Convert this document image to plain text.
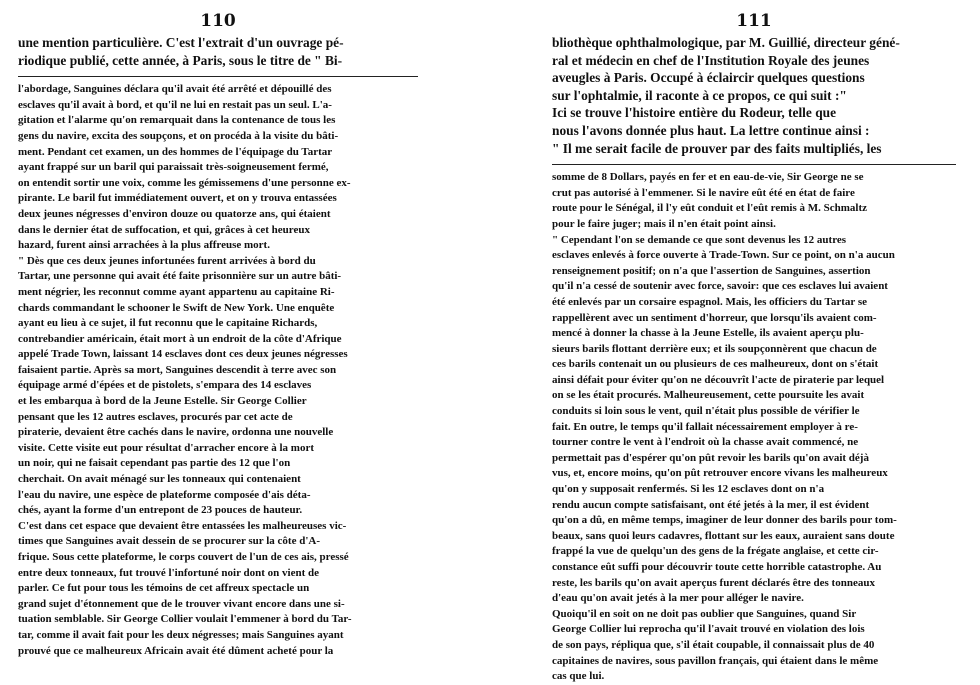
110
une mention particulière. C'est l'extrait d'un ouvrage pé-
riodique publié, cette année, à Paris, sous le titre de " Bi-
l'abordage, Sanguines déclara qu'il avait été arrêté et dépouillé des
esclaves qu'il avait à bord, et qu'il ne lui en restait pas un seul. L'a-
gitation et l'alarme qu'on remarquait dans la contenance de tous les
gens du navire, excita des soupçons, et on procéda à la visite du bâti-
ment. Pendant cet examen, un des hommes de l'équipage du Tartar
ayant frappé sur un baril qui paraissait très-soigneusement fermé,
on entendit sortir une voix, comme les gémissemens d'une personne ex-
pirante. Le baril fut immédiatement ouvert, et on y trouva entassées
deux jeunes négresses d'environ douze ou quatorze ans, qui étaient
dans le dernier état de suffocation, et qui, grâces à cet heureux
hazard, furent ainsi arrachées à la plus affreuse mort.
" Dès que ces deux jeunes infortunées furent arrivées à bord du
Tartar, une personne qui avait été faite prisonnière sur un autre bâti-
ment négrier, les reconnut comme ayant appartenu au capitaine Ri-
chards commandant le schooner le Swift de New York. Une enquête
ayant eu lieu à ce sujet, il fut reconnu que le capitaine Richards,
contrebandier américain, était mort à un endroit de la côte d'Afrique
appelé Trade Town, laissant 14 esclaves dont ces deux jeunes négresses
faisaient partie. Après sa mort, Sanguines descendit à terre avec son
équipage armé d'épées et de pistolets, s'empara des 14 esclaves
et les embarqua à bord de la Jeune Estelle. Sir George Collier
pensant que les 12 autres esclaves, procurés par cet acte de
piraterie, devaient être cachés dans le navire, ordonna une nouvelle
visite. Cette visite eut pour résultat d'arracher encore à la mort
un noir, qui ne faisait cependant pas partie des 12 que l'on
cherchait. On avait ménagé sur les tonneaux qui contenaient
l'eau du navire, une espèce de plateforme composée d'ais déta-
chés, ayant la forme d'un entrepont de 23 pouces de hauteur.
C'est dans cet espace que devaient être entassées les malheureuses vic-
times que Sanguines avait dessein de se procurer sur la côte d'A-
frique. Sous cette plateforme, le corps couvert de l'un de ces ais, pressé
entre deux tonneaux, fut trouvé l'infortuné noir dont on vient de
parler. Ce fut pour tous les témoins de cet affreux spectacle un
grand sujet d'étonnement que de le trouver vivant encore dans une si-
tuation semblable. Sir George Collier voulait l'emmener à bord du Tar-
tar, comme il avait fait pour les deux négresses; mais Sanguines ayant
prouvé que ce malheureux Africain avait été dûment acheté pour la
111
bliothèque ophthalmologique, par M. Guillié, directeur géné-
ral et médecin en chef de l'Institution Royale des jeunes
aveugles à Paris. Occupé à éclaircir quelques questions
sur l'ophtalmie, il raconte à ce propos, ce qui suit :"
Ici se trouve l'histoire entière du Rodeur, telle que
nous l'avons donnée plus haut. La lettre continue ainsi :
" Il me serait facile de prouver par des faits multipliés, les
somme de 8 Dollars, payés en fer et en eau-de-vie, Sir George ne se
crut pas autorisé à l'emmener. Si le navire eût été en état de faire
route pour le Sénégal, il l'y eût conduit et l'eût remis à M. Schmaltz
pour le faire juger; mais il n'en était point ainsi.
" Cependant l'on se demande ce que sont devenus les 12 autres
esclaves enlevés à force ouverte à Trade-Town. Sur ce point, on n'a aucun
renseignement positif; on n'a que l'assertion de Sanguines, assertion
qu'il n'a cessé de soutenir avec force, savoir: que ces esclaves lui avaient
été enlevés par un corsaire espagnol. Mais, les officiers du Tartar se
rappellèrent avec un sentiment d'horreur, que lorsqu'ils avaient com-
mencé à donner la chasse à la Jeune Estelle, ils avaient aperçu plu-
sieurs barils flottant derrière eux; et ils soupçonnèrent que chacun de
ces barils contenait un ou plusieurs de ces malheureux, dont on s'était
ainsi défait pour éviter qu'on ne découvrît l'acte de piraterie par lequel
on se les était procurés. Malheureusement, cette poursuite les avait
conduits si loin sous le vent, quil n'était plus possible de vérifier le
fait. En outre, le temps qu'il fallait nécessairement employer à re-
tourner contre le vent à l'endroit où la chasse avait commencé, ne
permettait pas d'espérer qu'on pût revoir les barils qu'on avait déjà
vus, et, encore moins, qu'on pût retrouver encore vivans les malheureux
qu'on y supposait renfermés. Si les 12 esclaves dont on n'a
rendu aucun compte satisfaisant, ont été jetés à la mer, il est évident
qu'on a dû, en même temps, imaginer de leur donner des barils pour tom-
beaux, sans quoi leurs cadavres, flottant sur les eaux, auraient sans doute
frappé la vue de quelqu'un des gens de la frégate anglaise, et cette cir-
constance eût suffi pour découvrir toute cette horrible catastrophe. Au
reste, les barils qu'on avait aperçus furent déclarés être des tonneaux
d'eau qu'on avait jetés à la mer pour alléger le navire.
Quoiqu'il en soit on ne doit pas oublier que Sanguines, quand Sir
George Collier lui reprocha qu'il l'avait trouvé en violation des lois
de son pays, répliqua que, s'il était coupable, il connaissait plus de 40
capitaines de navires, sous pavillon français, qui étaient dans le même
cas que lui.
